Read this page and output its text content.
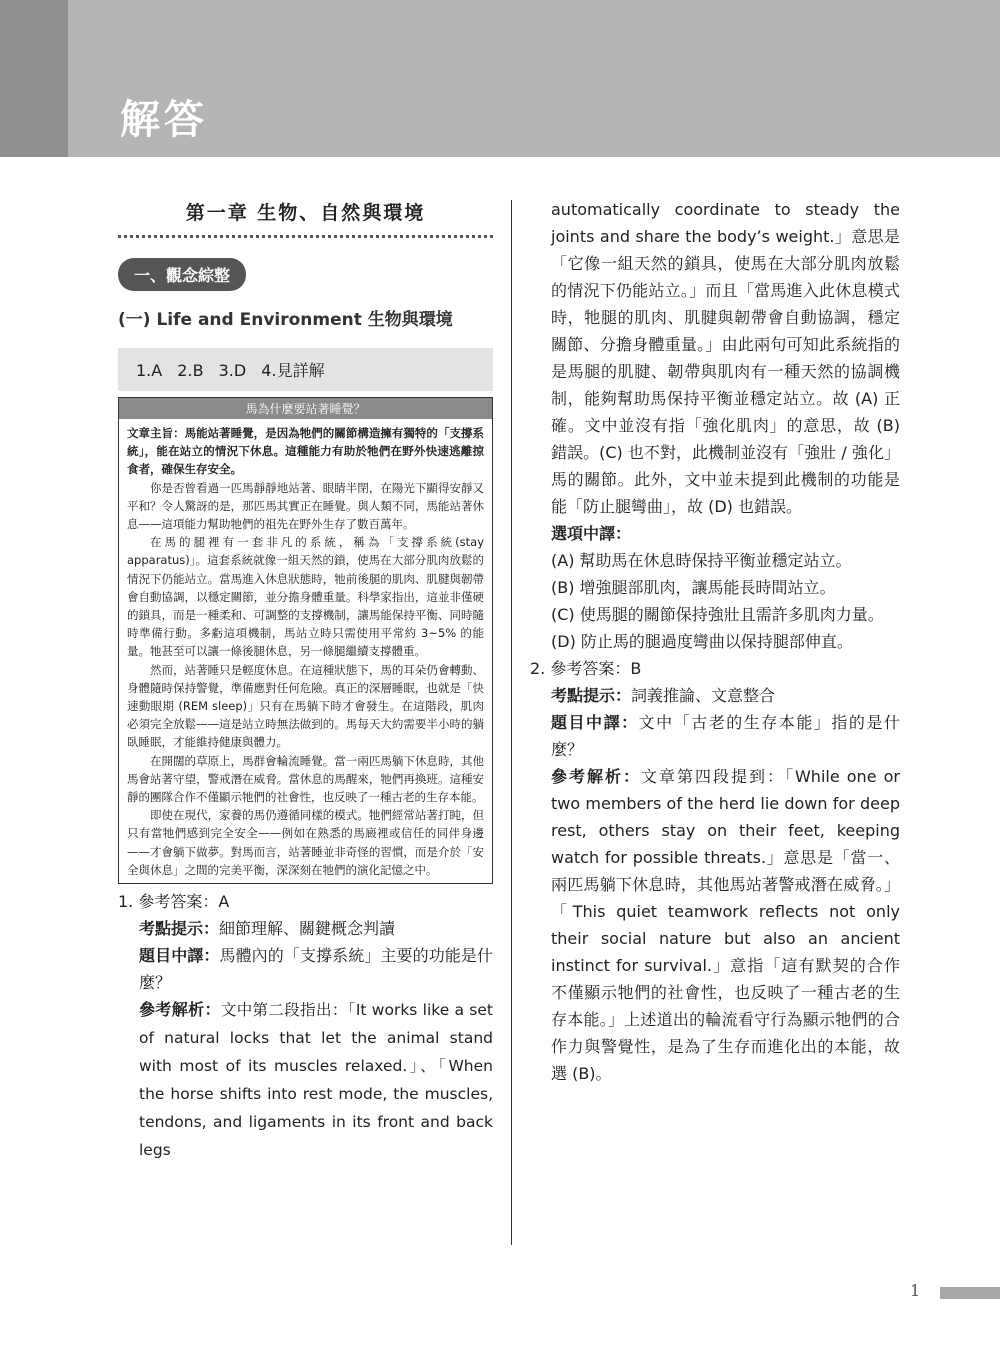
解答
第一章 生物、自然與環境
一、觀念綜整
(一) Life and Environment 生物與環境
1.A 2.B 3.D 4.見詳解
馬為什麼要站著睡覺？

文章主旨：馬能站著睡覺，是因為牠們的關節構造擁有獨特的「支撐系統」，能在站立的情況下休息。這種能力有助於牠們在野外快速逃離掠食者，確保生存安全。

你是否曾看過一匹馬靜靜地站著、眼睛半閉，在陽光下顯得安靜又平和？令人驚訝的是，那匹馬其實正在睡覺。與人類不同，馬能站著休息——這項能力幫助牠們的祖先在野外生存了數百萬年。

在馬的腿裡有一套非凡的系統，稱為「支撐系統(stay apparatus)」。這套系統就像一組天然的鎖，使馬在大部分肌肉放鬆的情況下仍能站立。當馬進入休息狀態時，牠前後腿的肌肉、肌腱與韌帶會自動協調，以穩定關節，並分擔身體重量。科學家指出，這並非僅硬的鎖具，而是一種柔和、可調整的支撐機制，讓馬能保持平衡、同時隨時準備行動。多虧這項機制，馬站立時只需使用平常約 3~5% 的能量。牠甚至可以讓一條後腿休息，另一條腿繼續支撐體重。

然而，站著睡只是輕度休息。在這種狀態下，馬的耳朵仍會轉動、身體隨時保持警覺，準備應對任何危險。真正的深層睡眠，也就是「快速動眼期 (REM sleep)」只有在馬躺下時才會發生。在這階段，肌肉必須完全放鬆——這是站立時無法做到的。馬每天大約需要半小時的躺臥睡眠，才能維持健康與體力。

在開闊的草原上，馬群會輪流睡覺。當一兩匹馬躺下休息時，其他馬會站著守望，警戒潛在威脅。當休息的馬醒來，牠們再換班。這種安靜的團隊合作不僅顯示牠們的社會性，也反映了一種古老的生存本能。

即使在現代，家養的馬仍遵循同樣的模式。牠們經常站著打盹，但只有當牠們感到完全安全——例如在熟悉的馬廄裡或信任的同伴身邊——才會躺下做夢。對馬而言，站著睡並非奇怪的習慣，而是介於「安全與休息」之間的完美平衡，深深刻在牠們的演化記憶之中。

1. 參考答案：A

考點提示：細節理解、關鍵概念判讀

題目中譯：馬體內的「支撐系統」主要的功能是什麼？

參考解析：文中第二段指出：「It works like a set of natural locks that let the animal stand with most of its muscles relaxed.」、「When the horse shifts into rest mode, the muscles, tendons, and ligaments in its front and back legs

automatically coordinate to steady the joints and share the body’s weight.」意思是「它像一組天然的鎖具，使馬在大部分肌肉放鬆的情況下仍能站立。」而且「當馬進入此休息模式時，牠腿的肌肉、肌腱與韌帶會自動協調，穩定關節、分擔身體重量。」由此兩句可知此系統指的是馬腿的肌腱、韌帶與肌肉有一種天然的協調機制，能夠幫助馬保持平衡並穩定站立。故 (A) 正確。文中並沒有指「強化肌肉」的意思，故 (B) 錯誤。(C) 也不對，此機制並沒有「強壯 / 強化」馬的關節。此外，文中並未提到此機制的功能是能「防止腿彎曲」，故 (D) 也錯誤。

選項中譯：

(A) 幫助馬在休息時保持平衡並穩定站立。
(B) 增強腿部肌肉，讓馬能長時間站立。
(C) 使馬腿的關節保持強壯且需許多肌肉力量。
(D) 防止馬的腿過度彎曲以保持腿部伸直。

2. 參考答案：B

考點提示：詞義推論、文意整合

題目中譯：文中「古老的生存本能」指的是什麼？

參考解析：文章第四段提到：「While one or two members of the herd lie down for deep rest, others stay on their feet, keeping watch for possible threats.」意思是「當一、兩匹馬躺下休息時，其他馬站著警戒潛在威脅。」「This quiet teamwork reflects not only their social nature but also an ancient instinct for survival.」意指「這有默契的合作不僅顯示牠們的社會性，也反映了一種古老的生存本能。」上述道出的輪流看守行為顯示牠們的合作力與警覺性，是為了生存而進化出的本能，故選 (B)。

1
